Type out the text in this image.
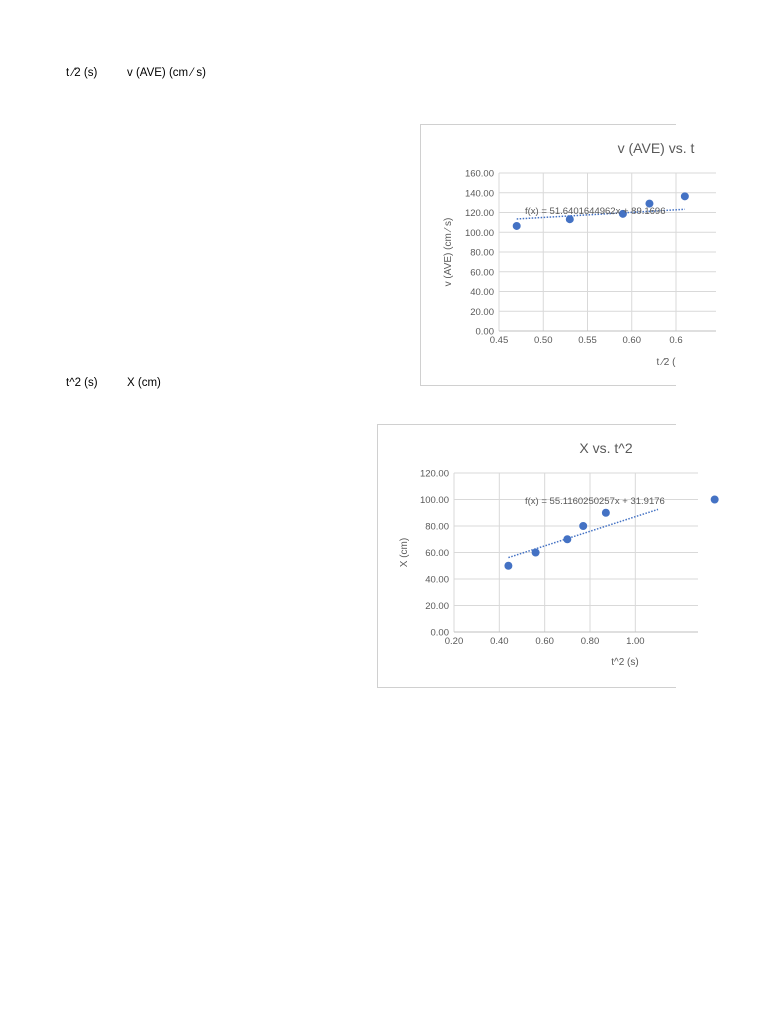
t ⁄2 (s)	v (AVE) (cm ⁄ s)
t^2 (s)	X (cm)
v (AVE) vs. t
0.00
20.00
40.00
60.00
80.00
100.00
120.00
140.00
160.00
0.45	0.50	0.55	0.60	0.6
t ⁄2 (
v (AVE) (cm ⁄ s)
f(x) = 51.6401644962x + 89.1696
X vs. t^2
0.00
20.00
40.00
60.00
80.00
100.00
120.00
0.20	0.40	0.60	0.80	1.00
t^2 (s)
X (cm)
f(x) = 55.1160250257x + 31.9176
